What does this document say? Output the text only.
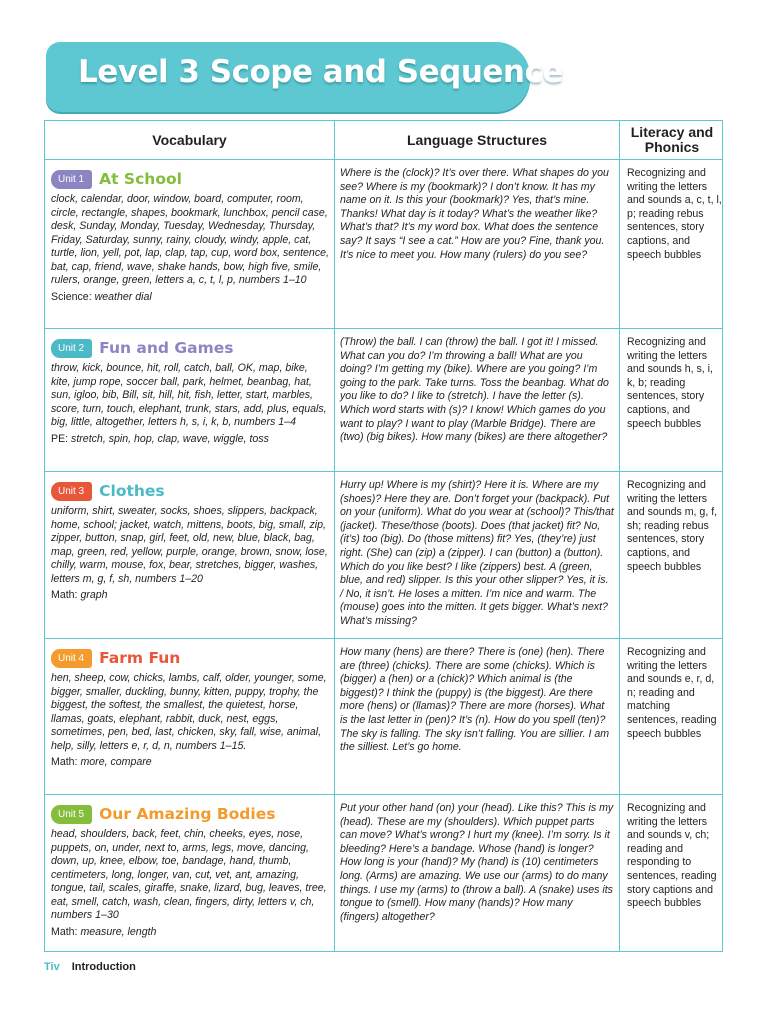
Level 3 Scope and Sequence
Vocabulary	Language Structures	Literacy and Phonics
Unit 1 At School
clock, calendar, door, window, board, computer, room, circle, rectangle, shapes, bookmark, lunchbox, pencil case, desk, Sunday, Monday, Tuesday, Wednesday, Thursday, Friday, Saturday, sunny, rainy, cloudy, windy, apple, cat, turtle, lion, yell, pot, lap, clap, tap, cup, word box, sentence, bat, cap, friend, wave, shake hands, bow, high five, smile, rulers, orange, green, letters a, c, t, l, p, numbers 1–10
Science: weather dial
Where is the (clock)? It’s over there. What shapes do you see? Where is my (bookmark)? I don’t know. It has my name on it. Is this your (bookmark)? Yes, that’s mine. Thanks! What day is it today? What’s the weather like? What’s that? It’s my word box. What does the sentence say? It says “I see a cat.” How are you? Fine, thank you. It’s nice to meet you. How many (rulers) do you see?
Recognizing and writing the letters and sounds a, c, t, l, p; reading rebus sentences, story captions, and speech bubbles
Unit 2 Fun and Games
throw, kick, bounce, hit, roll, catch, ball, OK, map, bike, kite, jump rope, soccer ball, park, helmet, beanbag, hat, sun, igloo, bib, Bill, sit, hill, hit, fish, letter, start, marbles, score, turn, touch, elephant, trunk, stars, add, plus, equals, big, little, altogether, letters h, s, i, k, b, numbers 1–4
PE: stretch, spin, hop, clap, wave, wiggle, toss
(Throw) the ball. I can (throw) the ball. I got it! I missed. What can you do? I’m throwing a ball! What are you doing? I’m getting my (bike). Where are you going? I’m going to the park. Take turns. Toss the beanbag. What do you like to do? I like to (stretch). I have the letter (s). Which word starts with (s)? I know! Which games do you want to play? I want to play (Marble Bridge). There are (two) (big bikes). How many (bikes) are there altogether?
Recognizing and writing the letters and sounds h, s, i, k, b; reading sentences, story captions, and speech bubbles
Unit 3 Clothes
uniform, shirt, sweater, socks, shoes, slippers, backpack, home, school; jacket, watch, mittens, boots, big, small, zip, zipper, button, snap, girl, feet, old, new, blue, black, bag, map, green, red, yellow, purple, orange, brown, snow, lose, chilly, warm, mouse, fox, bear, stretches, bigger, washes, letters m, g, f, sh, numbers 1–20
Math: graph
Hurry up! Where is my (shirt)? Here it is. Where are my (shoes)? Here they are. Don’t forget your (backpack). Put on your (uniform). What do you wear at (school)? This/that (jacket). These/those (boots). Does (that jacket) fit? No, (it’s) too (big). Do (those mittens) fit? Yes, (they’re) just right. (She) can (zip) a (zipper). I can (button) a (button). Which do you like best? I like (zippers) best. A (green, blue, and red) slipper. Is this your other slipper? Yes, it is. / No, it isn’t. He loses a mitten. I’m nice and warm. The (mouse) goes into the mitten. It gets bigger. What’s next? What’s missing?
Recognizing and writing the letters and sounds m, g, f, sh; reading rebus sentences, story captions, and speech bubbles
Unit 4 Farm Fun
hen, sheep, cow, chicks, lambs, calf, older, younger, some, bigger, smaller, duckling, bunny, kitten, puppy, trophy, the biggest, the softest, the smallest, the quietest, horse, llamas, goats, elephant, rabbit, duck, nest, eggs, sometimes, pen, bed, last, chicken, sky, fall, wise, animal, help, silly, letters e, r, d, n, numbers 1–15.
Math: more, compare
How many (hens) are there? There is (one) (hen). There are (three) (chicks). There are some (chicks). Which is (bigger) a (hen) or a (chick)? Which animal is (the biggest)? I think the (puppy) is (the biggest). Are there more (hens) or (llamas)? There are more (horses). What is the last letter in (pen)? It’s (n). How do you spell (ten)? The sky is falling. The sky isn’t falling. You are sillier. I am the silliest. Let’s go home.
Recognizing and writing the letters and sounds e, r, d, n; reading and matching sentences, reading speech bubbles
Unit 5 Our Amazing Bodies
head, shoulders, back, feet, chin, cheeks, eyes, nose, puppets, on, under, next to, arms, legs, move, dancing, down, up, knee, elbow, toe, bandage, hand, thumb, centimeters, long, longer, van, cut, vet, ant, amazing, tongue, tail, scales, giraffe, snake, lizard, bug, leaves, tree, eat, smell, catch, wash, clean, fingers, dirty, letters v, ch, numbers 1–30
Math: measure, length
Put your other hand (on) your (head). Like this? This is my (head). These are my (shoulders). Which puppet parts can move? What’s wrong? I hurt my (knee). I’m sorry. Is it bleeding? Here’s a bandage. Whose (hand) is longer? How long is your (hand)? My (hand) is (10) centimeters long. (Arms) are amazing. We use our (arms) to do many things. I use my (arms) to (throw a ball). A (snake) uses its tongue to (smell). How many (hands)? How many (fingers) altogether?
Recognizing and writing the letters and sounds v, ch; reading and responding to sentences, reading story captions and speech bubbles
Tiv Introduction
